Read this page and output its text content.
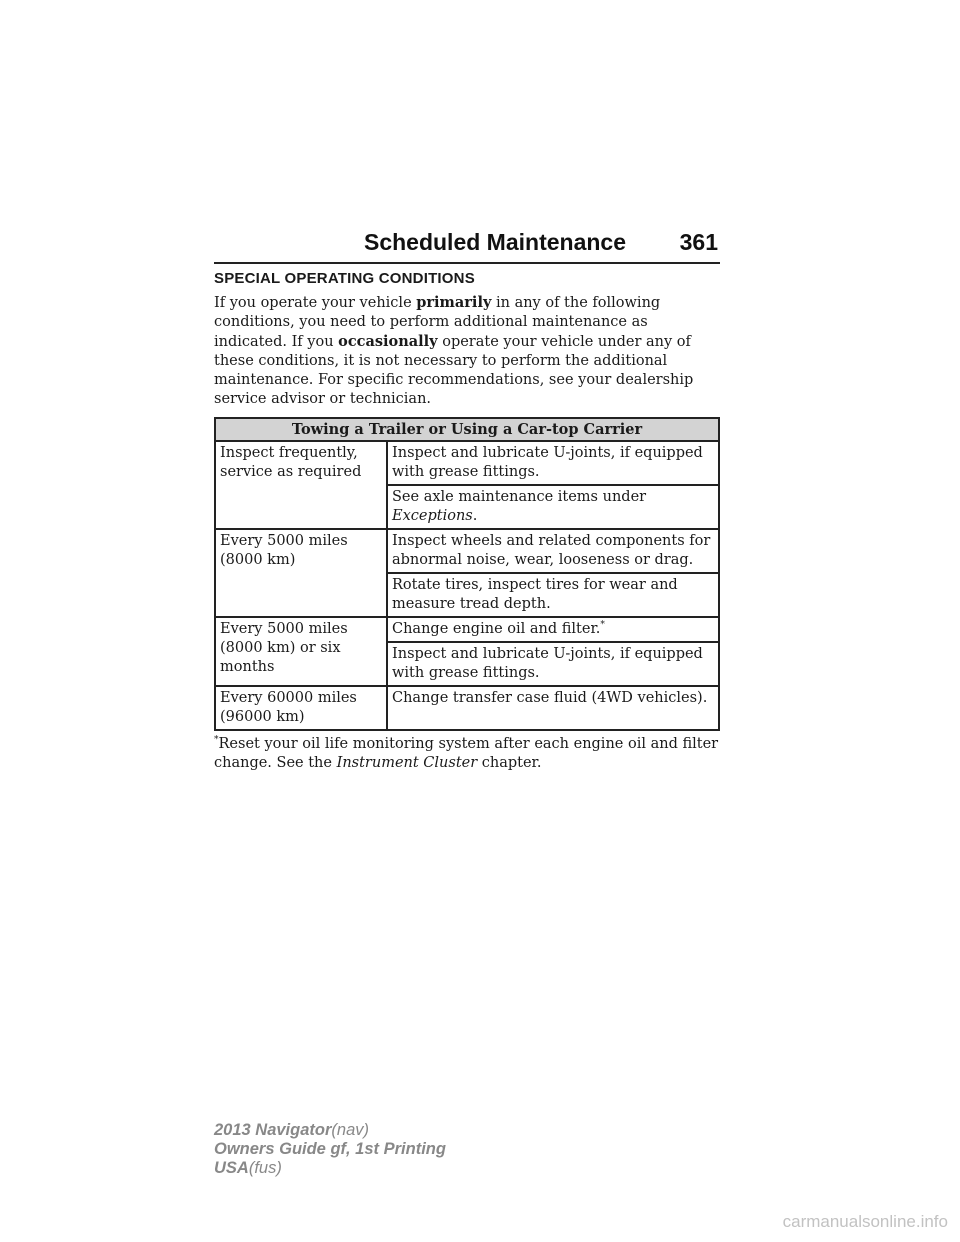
Scheduled Maintenance 361
SPECIAL OPERATING CONDITIONS

If you operate your vehicle primarily in any of the following conditions, you need to perform additional maintenance as indicated. If you occasionally operate your vehicle under any of these conditions, it is not necessary to perform the additional maintenance. For specific recommendations, see your dealership service advisor or technician.

Towing a Trailer or Using a Car-top Carrier	
Inspect frequently, service as required	Inspect and lubricate U-joints, if equipped with grease fittings.
	See axle maintenance items under
Exceptions.
Every 5000 miles (8000 km)	Inspect wheels and related components for abnormal noise, wear, looseness or drag.
	Rotate tires, inspect tires for wear and measure tread depth.
Every 5000 miles (8000 km) or six months	Change engine oil and filter.*
	Inspect and lubricate U-joints, if equipped with grease fittings.
Every 60000 miles (96000 km)	Change transfer case fluid (4WD vehicles).

*Reset your oil life monitoring system after each engine oil and filter change. See the Instrument Cluster chapter.

2013 Navigator(nav)
Owners Guide gf, 1st Printing
USA(fus)
carmanualsonline.info
